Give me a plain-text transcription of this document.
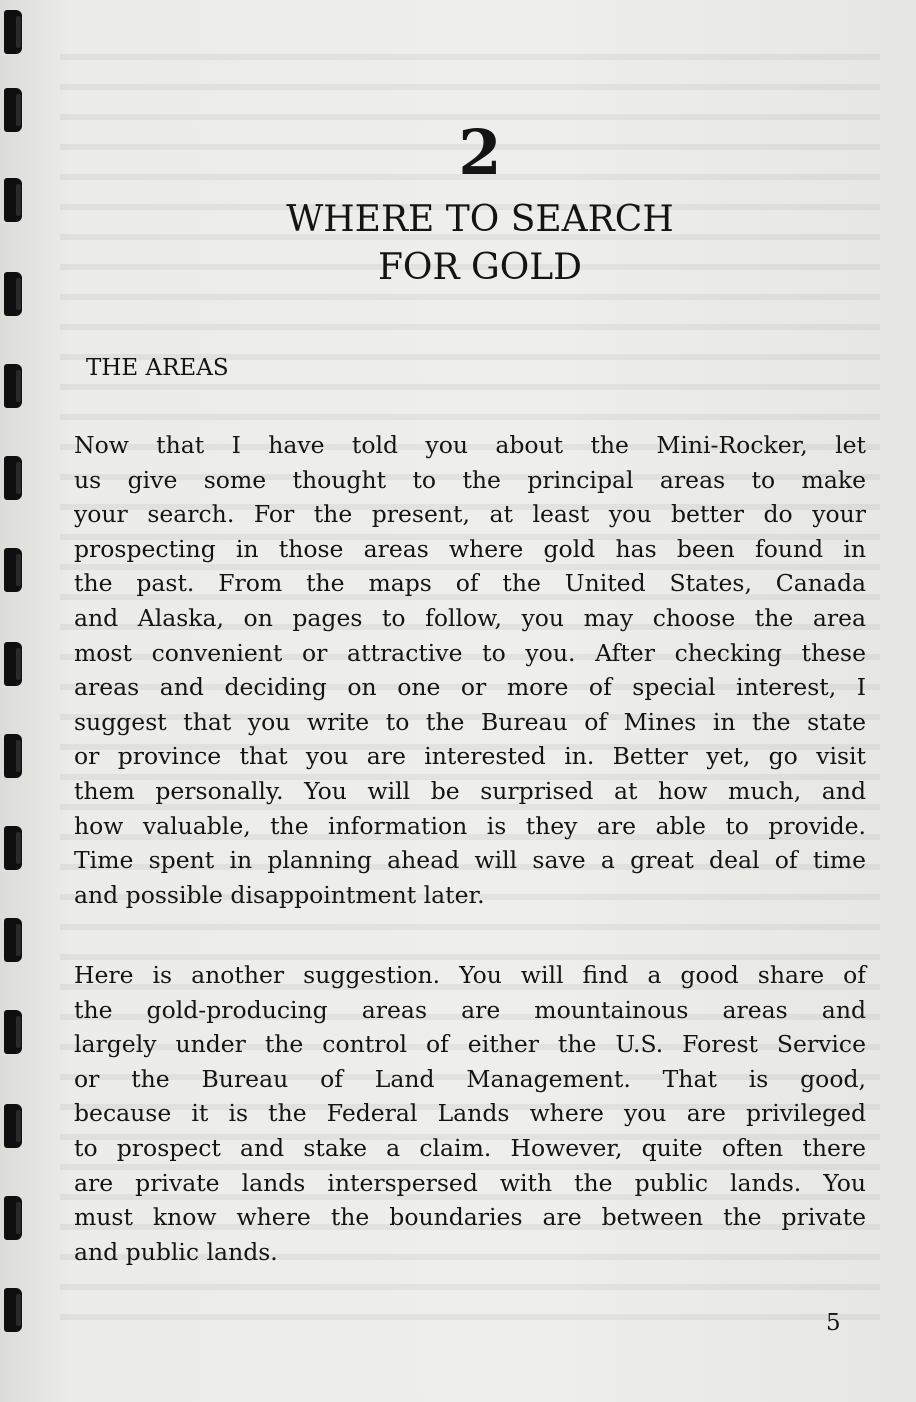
2
WHERE TO SEARCH
FOR GOLD
THE AREAS
Now that I have told you about the Mini-Rocker, let
us give some thought to the principal areas to make
your search. For the present, at least you better do your
prospecting in those areas where gold has been found in
the past. From the maps of the United States, Canada
and Alaska, on pages to follow, you may choose the area
most convenient or attractive to you. After checking these
areas and deciding on one or more of special interest, I
suggest that you write to the Bureau of Mines in the state
or province that you are interested in. Better yet, go visit
them personally. You will be surprised at how much, and
how valuable, the information is they are able to provide.
Time spent in planning ahead will save a great deal of time
and possible disappointment later.
Here is another suggestion. You will find a good share of
the gold-producing areas are mountainous areas and
largely under the control of either the U.S. Forest Service
or the Bureau of Land Management. That is good,
because it is the Federal Lands where you are privileged
to prospect and stake a claim. However, quite often there
are private lands interspersed with the public lands. You
must know where the boundaries are between the private
and public lands.
5
